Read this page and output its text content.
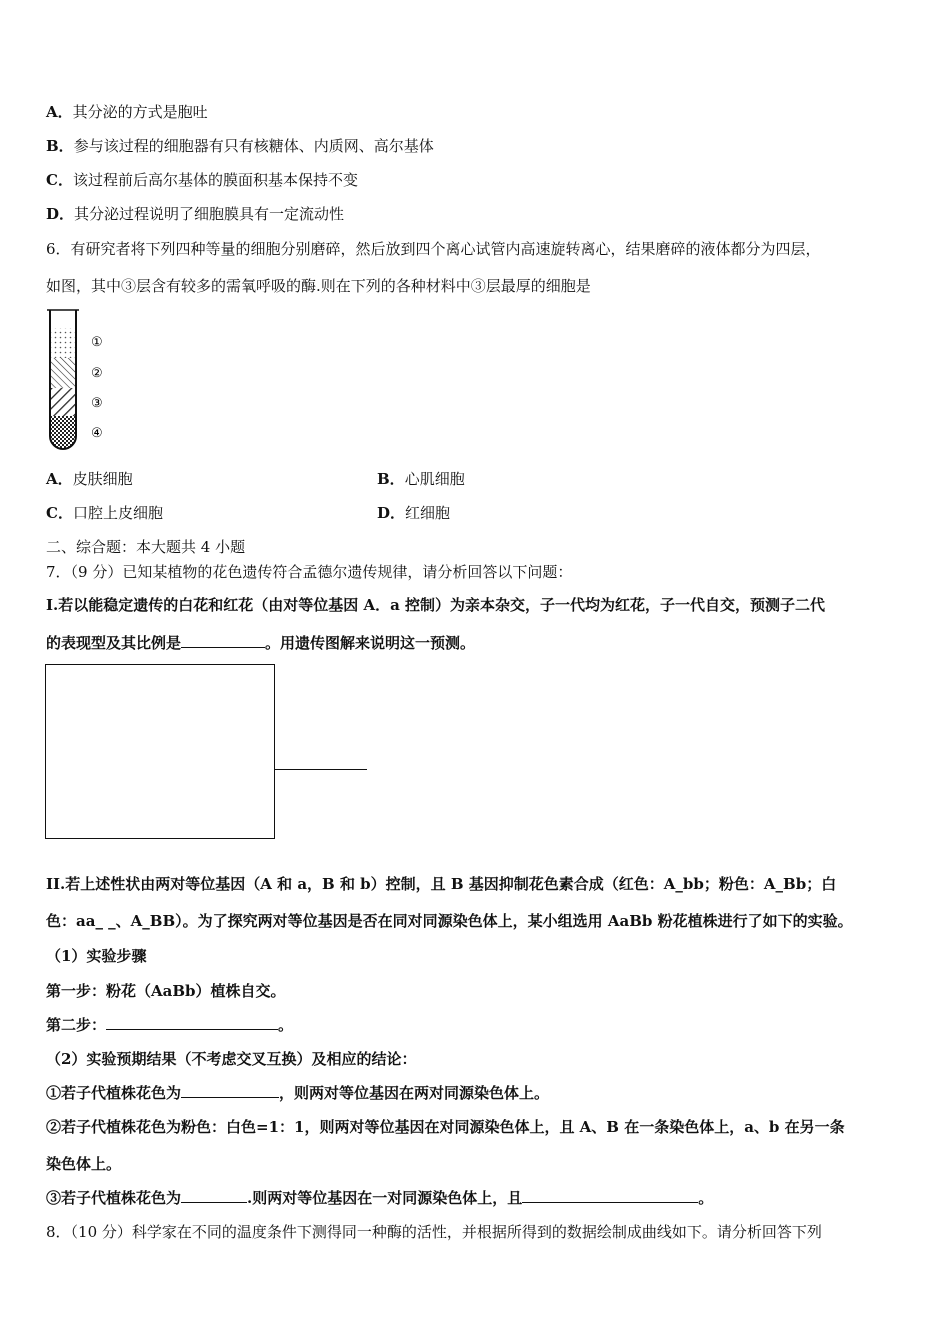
A．其分泌的方式是胞吐
B．参与该过程的细胞器有只有核糖体、内质网、高尔基体
C．该过程前后高尔基体的膜面积基本保持不变
D．其分泌过程说明了细胞膜具有一定流动性
6．有研究者将下列四种等量的细胞分别磨碎，然后放到四个离心试管内高速旋转离心，结果磨碎的液体都分为四层，
如图，其中③层含有较多的需氧呼吸的酶.则在下列的各种材料中③层最厚的细胞是
①
②
③
④
A．皮肤细胞	B．心肌细胞
C．口腔上皮细胞	D．红细胞
二、综合题：本大题共 4 小题
7．（9 分）已知某植物的花色遗传符合孟德尔遗传规律，请分析回答以下问题：
I.若以能稳定遗传的白花和红花（由对等位基因 A．a 控制）为亲本杂交，子一代均为红花，子一代自交，预测子二代
的表现型及其比例是	。用遗传图解来说明这一预测。
II.若上述性状由两对等位基因（A 和 a，B 和 b）控制，且 B 基因抑制花色素合成（红色：A_bb；粉色：A_Bb；白
色：aa_ _、A_BB）。为了探究两对等位基因是否在同对同源染色体上，某小组选用 AaBb 粉花植株进行了如下的实验。
（1）实验步骤
第一步：粉花（AaBb）植株自交。
第二步：	。
（2）实验预期结果（不考虑交叉互换）及相应的结论：
①若子代植株花色为	，则两对等位基因在两对同源染色体上。
②若子代植株花色为粉色：白色=1：1，则两对等位基因在对同源染色体上，且 A、B 在一条染色体上，a、b 在另一条
染色体上。
③若子代植株花色为	.则两对等位基因在一对同源染色体上，且	。
8．（10 分）科学家在不同的温度条件下测得同一种酶的活性，并根据所得到的数据绘制成曲线如下。请分析回答下列
